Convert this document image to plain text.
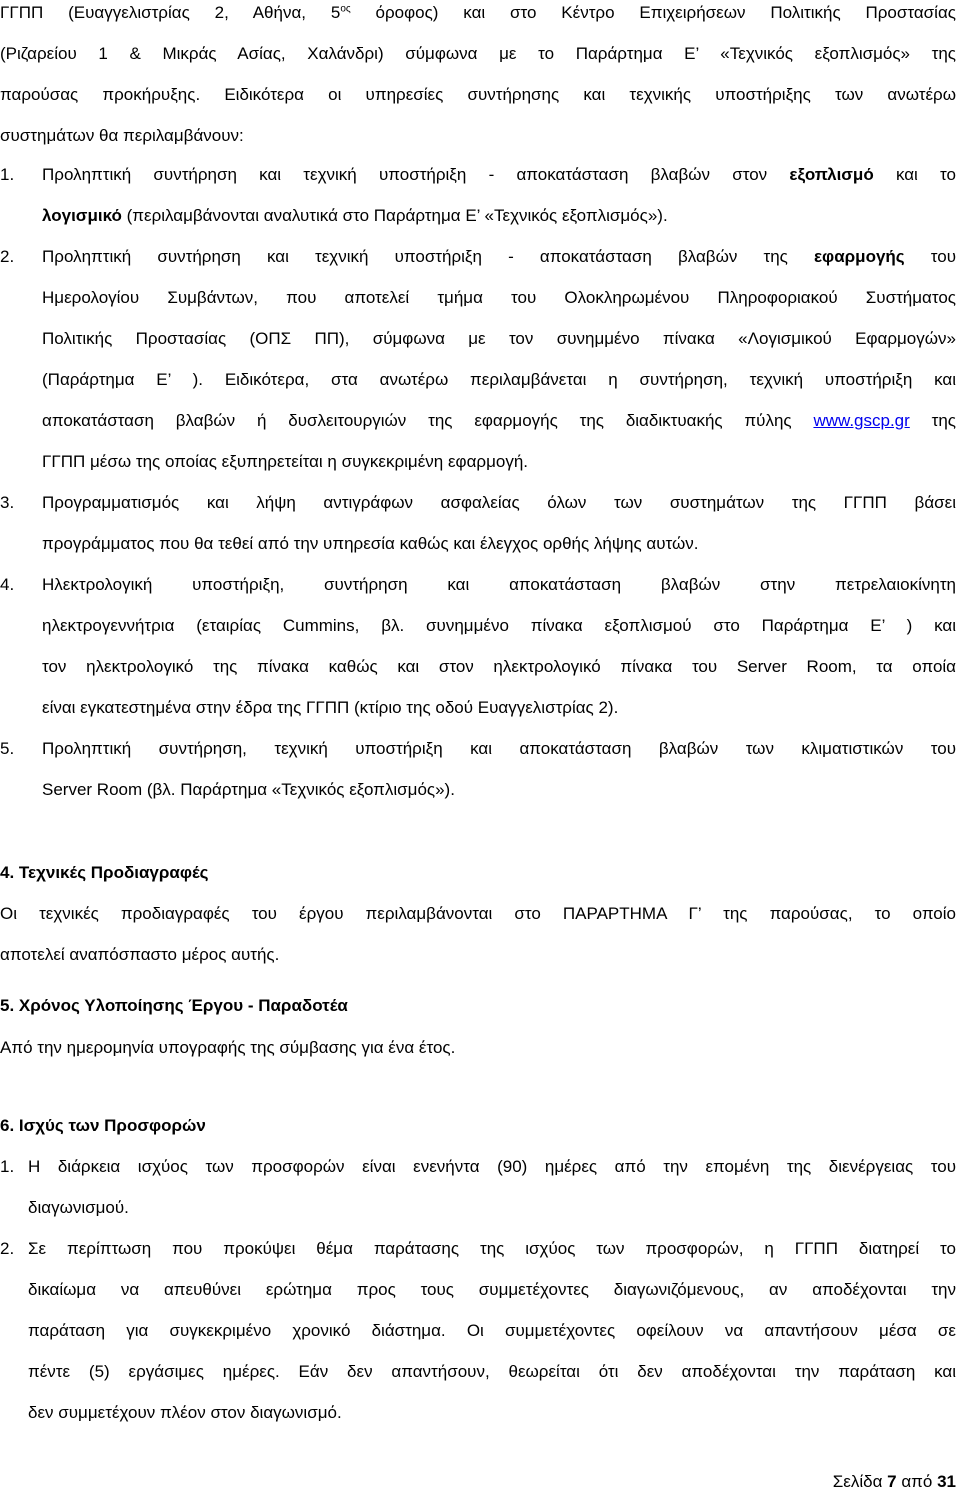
ΓΓΠΠ (Ευαγγελιστρίας 2, Αθήνα, $5^{o\varsigma}$ όροφος) και στο Κέντρο Επιχειρήσεων Πολιτικής Προστασίας
(Ριζαρείου 1 & Μικράς Ασίας, Χαλάνδρι) σύμφωνα με το Παράρτημα Ε’ «Τεχνικός εξοπλισμός» της
παρούσας προκήρυξης. Ειδικότερα οι υπηρεσίες συντήρησης και τεχνικής υποστήριξης των ανωτέρω
συστημάτων θα περιλαμβάνουν:
1. Προληπτική συντήρηση και τεχνική υποστήριξη - αποκατάσταση βλαβών στον εξοπλισμό και το
λογισμικό (περιλαμβάνονται αναλυτικά στο Παράρτημα Ε’ «Τεχνικός εξοπλισμός»).
2. Προληπτική συντήρηση και τεχνική υποστήριξη - αποκατάσταση βλαβών της εφαρμογής του
Ημερολογίου Συμβάντων, που αποτελεί τμήμα του Ολοκληρωμένου Πληροφοριακού Συστήματος
Πολιτικής Προστασίας (ΟΠΣ ΠΠ), σύμφωνα με τον συνημμένο πίνακα «Λογισμικού Εφαρμογών»
(Παράρτημα Ε’ ). Ειδικότερα, στα ανωτέρω περιλαμβάνεται η συντήρηση, τεχνική υποστήριξη και
αποκατάσταση βλαβών ή δυσλειτουργιών της εφαρμογής της διαδικτυακής πύλης www.gscp.gr της
ΓΓΠΠ μέσω της οποίας εξυπηρετείται η συγκεκριμένη εφαρμογή.
3. Προγραμματισμός και λήψη αντιγράφων ασφαλείας όλων των συστημάτων της ΓΓΠΠ βάσει
προγράμματος που θα τεθεί από την υπηρεσία καθώς και έλεγχος ορθής λήψης αυτών.
4. Ηλεκτρολογική υποστήριξη, συντήρηση και αποκατάσταση βλαβών στην πετρελαιοκίνητη
ηλεκτρογεννήτρια (εταιρίας Cummins, βλ. συνημμένο πίνακα εξοπλισμού στο Παράρτημα Ε’ ) και
τον ηλεκτρολογικό της πίνακα καθώς και στον ηλεκτρολογικό πίνακα του Server Room, τα οποία
είναι εγκατεστημένα στην έδρα της ΓΓΠΠ (κτίριο της οδού Ευαγγελιστρίας 2).
5. Προληπτική συντήρηση, τεχνική υποστήριξη και αποκατάσταση βλαβών των κλιματιστικών του
Server Room (βλ. Παράρτημα «Τεχνικός εξοπλισμός»).
4. Τεχνικές Προδιαγραφές
Οι τεχνικές προδιαγραφές του έργου περιλαμβάνονται στο ΠΑΡΑΡΤΗΜΑ Γ’ της παρούσας, το οποίο
αποτελεί αναπόσπαστο μέρος αυτής.
5. Χρόνος Υλοποίησης Έργου - Παραδοτέα
Από την ημερομηνία υπογραφής της σύμβασης για ένα έτος.
6. Ισχύς των Προσφορών
1. Η διάρκεια ισχύος των προσφορών είναι ενενήντα (90) ημέρες από την επομένη της διενέργειας του
διαγωνισμού.
2. Σε περίπτωση που προκύψει θέμα παράτασης της ισχύος των προσφορών, η ΓΓΠΠ διατηρεί το
δικαίωμα να απευθύνει ερώτημα προς τους συμμετέχοντες διαγωνιζόμενους, αν αποδέχονται την
παράταση για συγκεκριμένο χρονικό διάστημα. Οι συμμετέχοντες οφείλουν να απαντήσουν μέσα σε
πέντε (5) εργάσιμες ημέρες. Εάν δεν απαντήσουν, θεωρείται ότι δεν αποδέχονται την παράταση και
δεν συμμετέχουν πλέον στον διαγωνισμό.
Σελίδα 7 από 31
